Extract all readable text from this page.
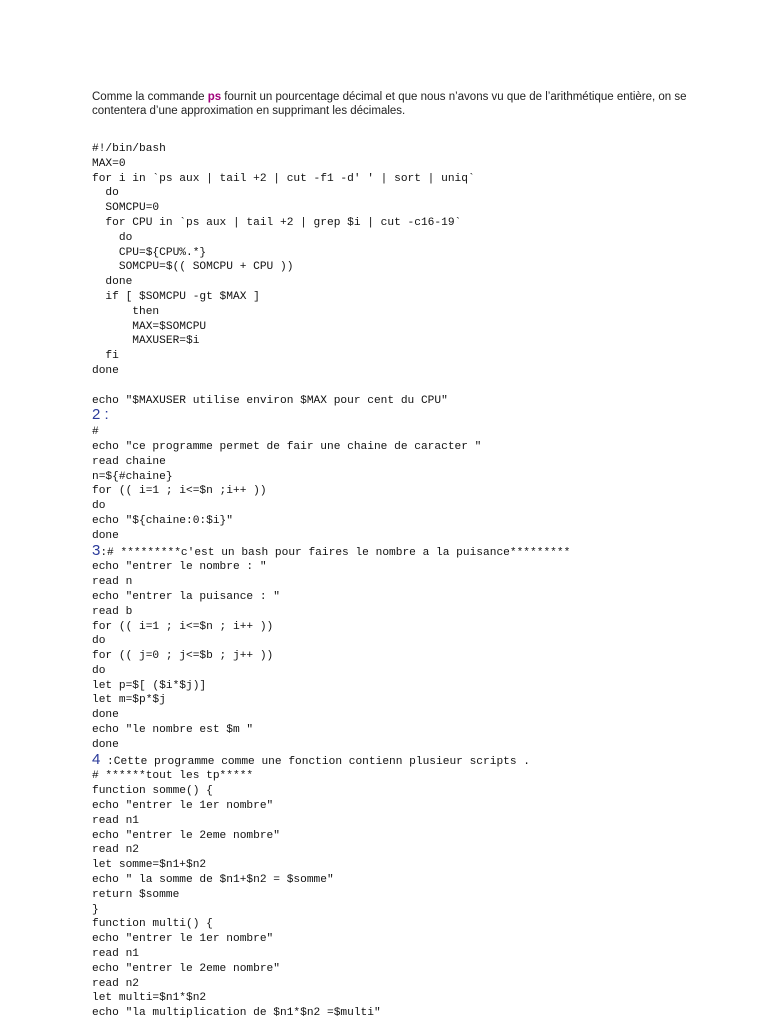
Comme la commande ps fournit un pourcentage décimal et que nous n’avons vu que de l’arithmétique entière, on se contentera d’une approximation en supprimant les décimales.

#!/bin/bash
MAX=0
for i in `ps aux | tail +2 | cut -f1 -d' ' | sort | uniq`
do
SOMCPU=0
for CPU in `ps aux | tail +2 | grep $i | cut -c16-19`
do
CPU=${CPU%.*}
SOMCPU=$(( SOMCPU + CPU ))
done
if [ $SOMCPU -gt $MAX ]
then
MAX=$SOMCPU
MAXUSER=$i
fi
done
echo "$MAXUSER utilise environ $MAX pour cent du CPU"
2 :
#
echo "ce programme permet de fair une chaine de caracter "
read chaine
n=${#chaine}
for (( i=1 ; i<=$n ;i++ ))
do
echo "${chaine:0:$i}"
done
3:# *********c'est un bash pour faires le nombre a la puisance*********
echo "entrer le nombre : "
read n
echo "entrer la puisance : "
read b
for (( i=1 ; i<=$n ; i++ ))
do
for (( j=0 ; j<=$b ; j++ ))
do
let p=$[ ($i*$j)]
let m=$p*$j
done
echo "le nombre est $m "
done
4 :Cette programme comme une fonction contienn plusieur scripts .
# ******tout les tp*****
function somme() {
echo "entrer le 1er nombre"
read n1
echo "entrer le 2eme nombre"
read n2
let somme=$n1+$n2
echo " la somme de $n1+$n2 = $somme"
return $somme
}
function multi() {
echo "entrer le 1er nombre"
read n1
echo "entrer le 2eme nombre"
read n2
let multi=$n1*$n2
echo "la multiplication de $n1*$n2 =$multi"
